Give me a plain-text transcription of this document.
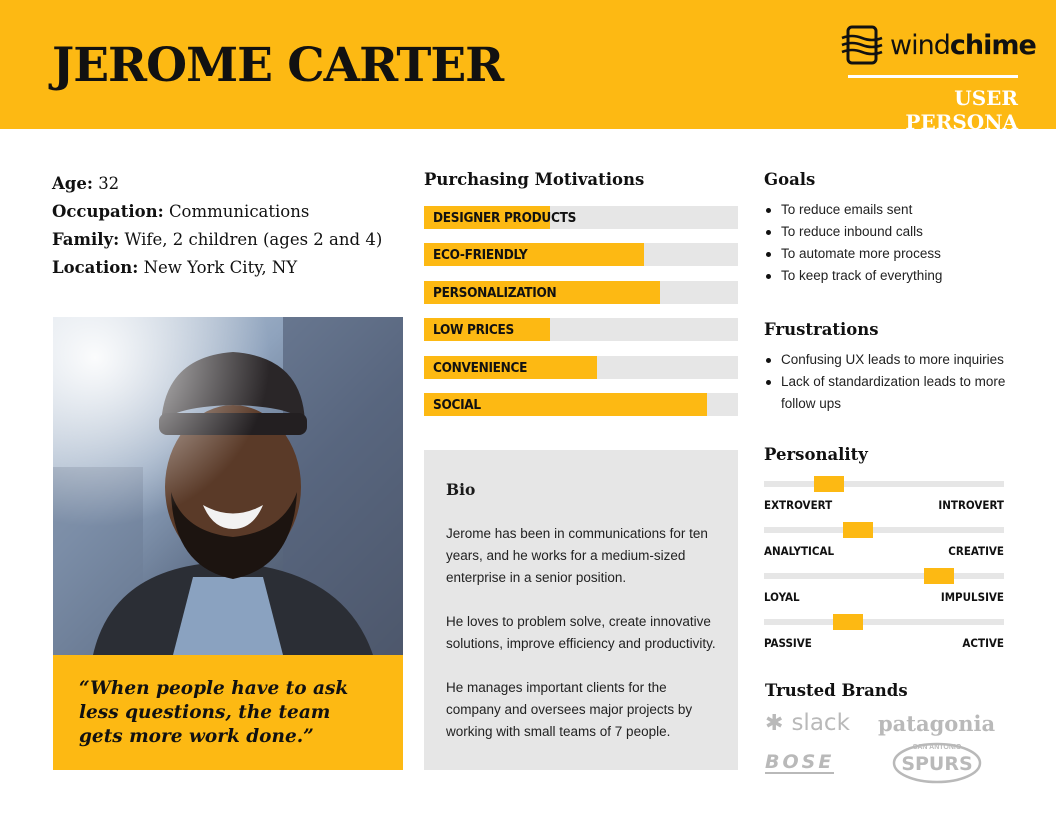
JEROME CARTER	windchime
USER PERSONA
Age: 32
Occupation: Communications
Family: Wife, 2 children (ages 2 and 4)
Location: New York City, NY
“When people have to ask less questions, the team gets more work done.”
Purchasing Motivations
DESIGNER PRODUCTS
ECO-FRIENDLY
PERSONALIZATION
LOW PRICES
CONVENIENCE
SOCIAL
Bio

Jerome has been in communications for ten years, and he works for a medium-sized enterprise in a senior position.

He loves to problem solve, create innovative solutions, improve efficiency and productivity.

He manages important clients for the company and oversees major projects by working with small teams of 7 people.

Goals
To reduce emails sent
To reduce inbound calls
To automate more process
To keep track of everything
Frustrations
Confusing UX leads to more inquiries
Lack of standardization leads to more follow ups
Personality
EXTROVERT	INTROVERT
ANALYTICAL	CREATIVE
LOYAL	IMPULSIVE
PASSIVE	ACTIVE
Trusted Brands
✱ slack patagonia
BOSE
SAN ANTONIO
SPURS
